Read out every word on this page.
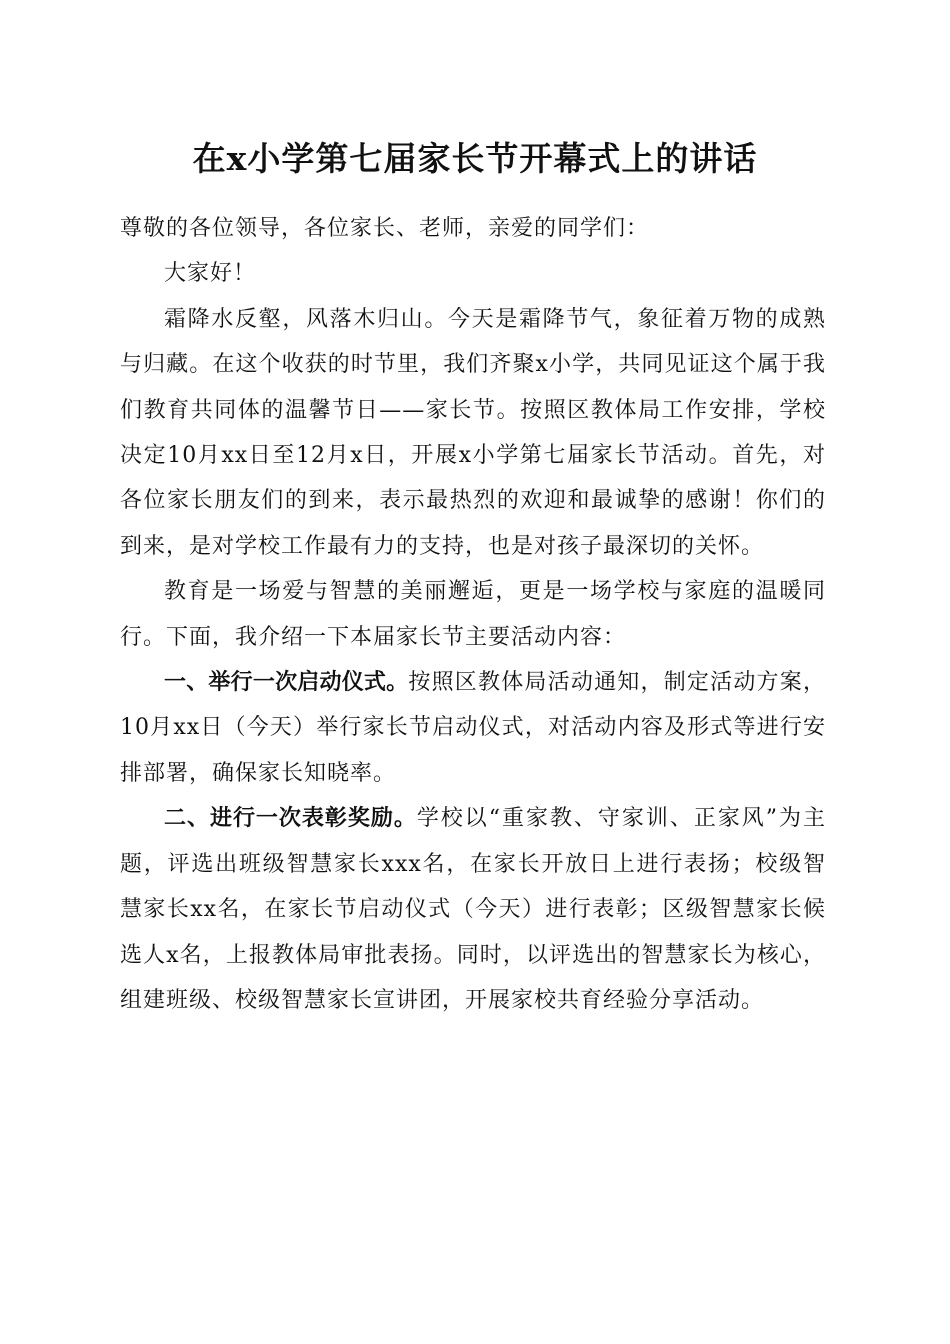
在x小学第七届家长节开幕式上的讲话

尊敬的各位领导，各位家长、老师，亲爱的同学们：

大家好！

霜降水反壑，风落木归山。今天是霜降节气，象征着万物的成熟与归藏。在这个收获的时节里，我们齐聚x小学，共同见证这个属于我们教育共同体的温馨节日——家长节。按照区教体局工作安排，学校决定10月xx日至12月x日，开展x小学第七届家长节活动。首先，对各位家长朋友们的到来，表示最热烈的欢迎和最诚挚的感谢！你们的到来，是对学校工作最有力的支持，也是对孩子最深切的关怀。

教育是一场爱与智慧的美丽邂逅，更是一场学校与家庭的温暖同行。下面，我介绍一下本届家长节主要活动内容：

一、举行一次启动仪式。按照区教体局活动通知，制定活动方案，10月xx日（今天）举行家长节启动仪式，对活动内容及形式等进行安排部署，确保家长知晓率。

二、进行一次表彰奖励。学校以“重家教、守家训、正家风”为主题，评选出班级智慧家长xxx名，在家长开放日上进行表扬；校级智慧家长xx名，在家长节启动仪式（今天）进行表彰；区级智慧家长候选人x名，上报教体局审批表扬。同时，以评选出的智慧家长为核心，组建班级、校级智慧家长宣讲团，开展家校共育经验分享活动。
